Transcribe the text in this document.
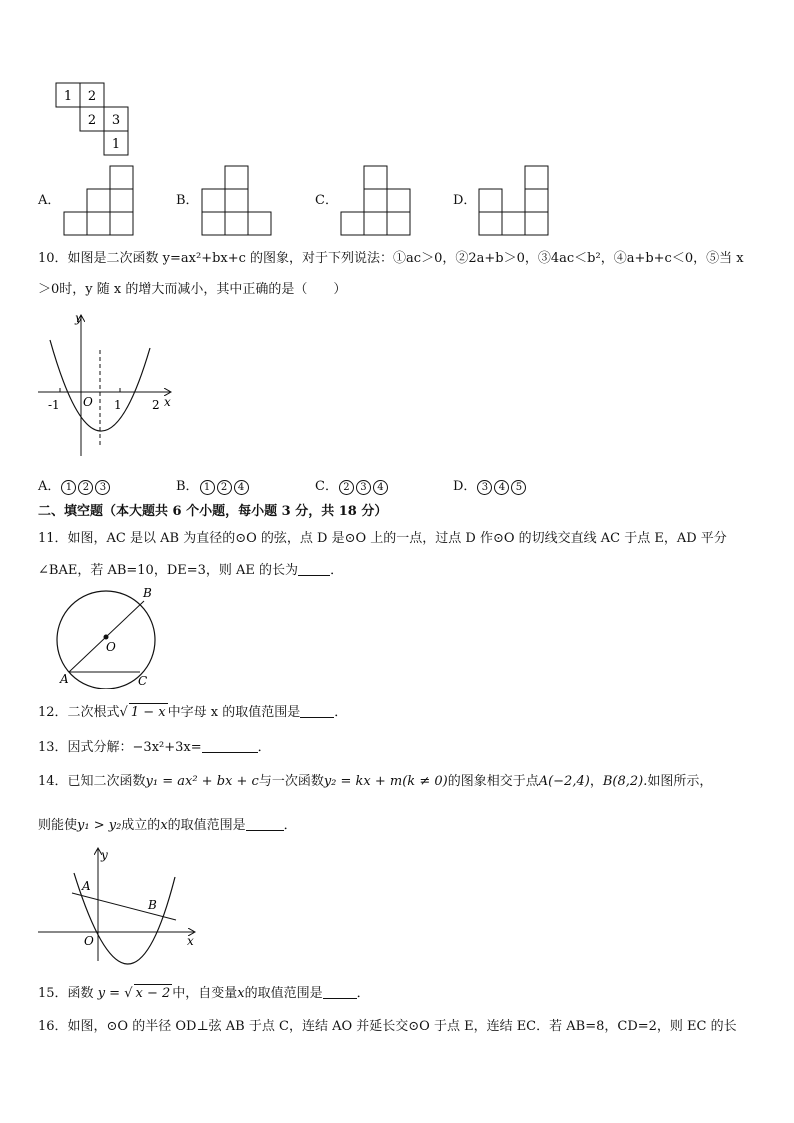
1 2
2 3
1
A．	B．	C．	D．
10．如图是二次函数 y=ax²+bx+c 的图象，对于下列说法：①ac＞0，②2a+b＞0，③4ac＜b²，④a+b+c＜0，⑤当 x
＞0时，y 随 x 的增大而减小，其中正确的是（　　）
y
x
O
-1	1	2
A． 1 2 3	B． 1 2 4	C． 2 3 4	D． 3 4 5
二、填空题（本大题共 6 个小题，每小题 3 分，共 18 分）
11．如图，AC 是以 AB 为直径的⊙O 的弦，点 D 是⊙O 上的一点，过点 D 作⊙O 的切线交直线 AC 于点 E，AD 平分
∠BAE，若 AB=10，DE=3，则 AE 的长为 ．
B
O
A	C
12．二次根式√ 1 − x 中字母 x 的取值范围是	．
13．因式分解：−3x²+3x=	．
14．已知二次函数y₁ = ax² + bx + c与一次函数y₂ = kx + m(k ≠ 0)的图象相交于点A(−2,4)，B(8,2).如图所示，
则能使y₁ > y₂成立的x的取值范围是	．
y
x
O
A
B
15．函数 y = √ x − 2 中，自变量x的取值范围是	．
16．如图，⊙O 的半径 OD⊥弦 AB 于点 C，连结 AO 并延长交⊙O 于点 E，连结 EC．若 AB=8，CD=2，则 EC 的长
